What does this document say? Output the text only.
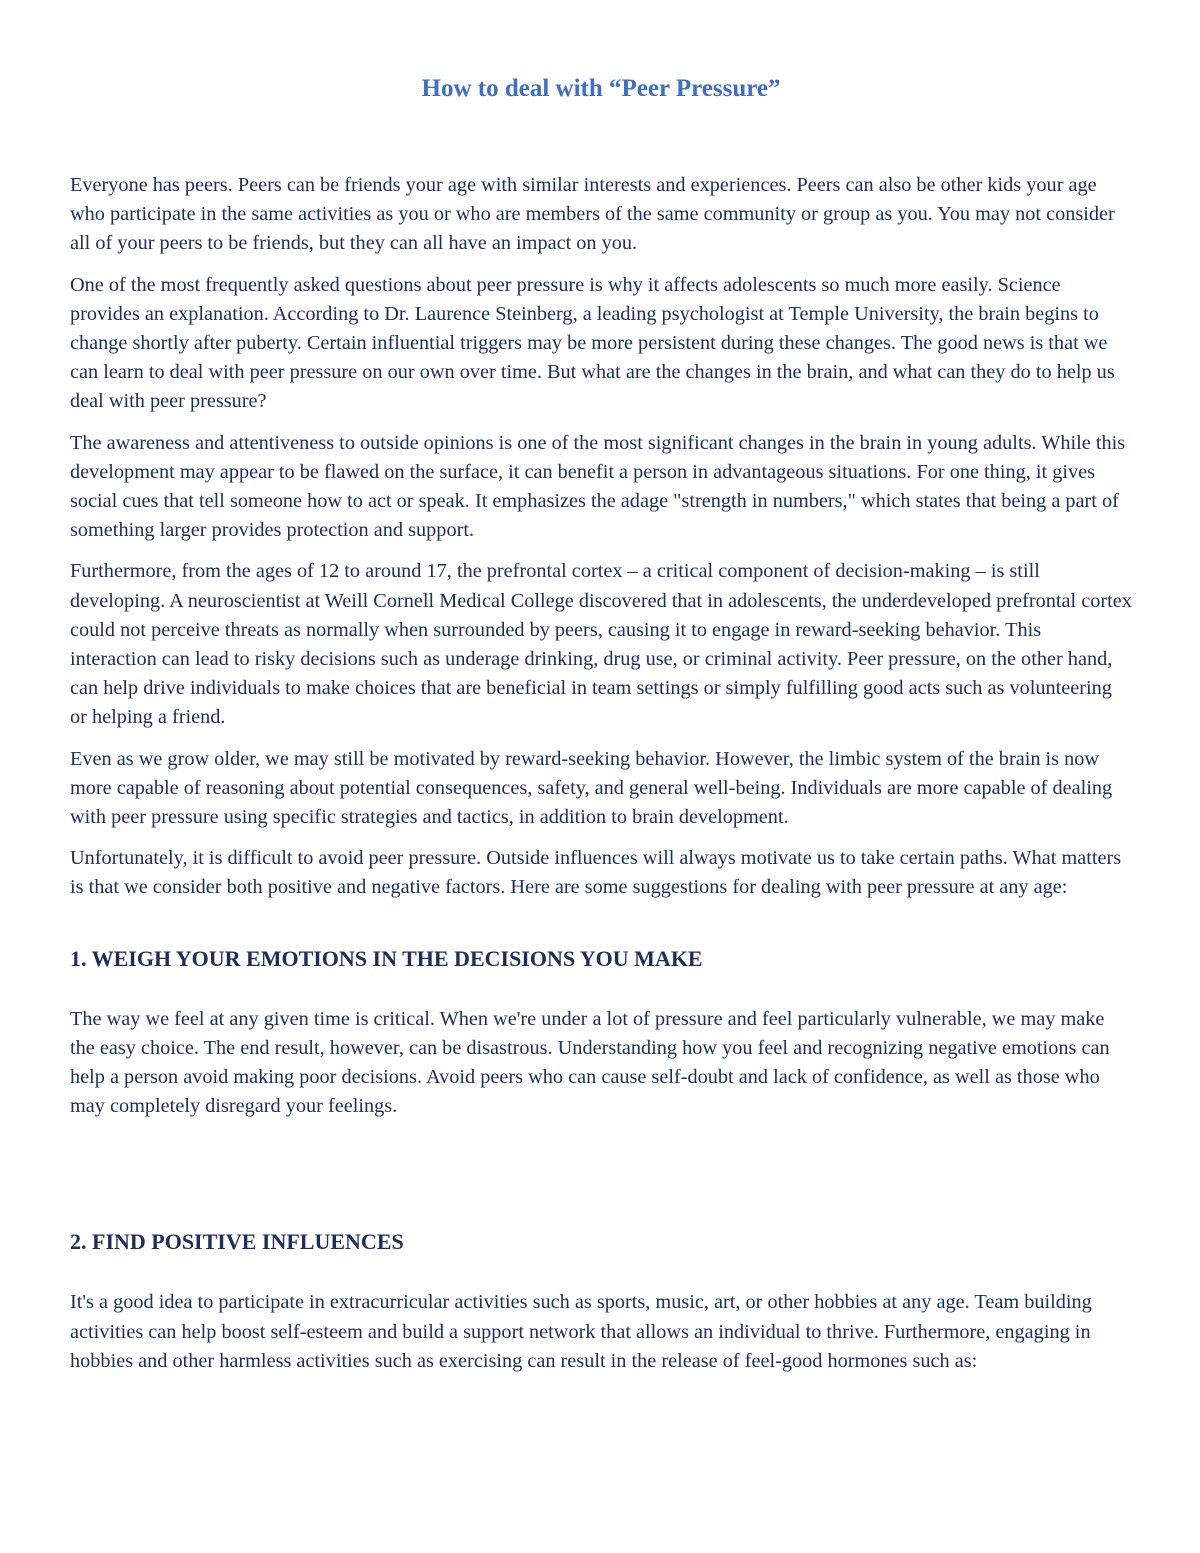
How to deal with “Peer Pressure”

Everyone has peers. Peers can be friends your age with similar interests and experiences. Peers can also be other kids your age who participate in the same activities as you or who are members of the same community or group as you. You may not consider all of your peers to be friends, but they can all have an impact on you.

One of the most frequently asked questions about peer pressure is why it affects adolescents so much more easily. Science provides an explanation. According to Dr. Laurence Steinberg, a leading psychologist at Temple University, the brain begins to change shortly after puberty. Certain influential triggers may be more persistent during these changes. The good news is that we can learn to deal with peer pressure on our own over time. But what are the changes in the brain, and what can they do to help us deal with peer pressure?

The awareness and attentiveness to outside opinions is one of the most significant changes in the brain in young adults. While this development may appear to be flawed on the surface, it can benefit a person in advantageous situations. For one thing, it gives social cues that tell someone how to act or speak. It emphasizes the adage "strength in numbers," which states that being a part of something larger provides protection and support.

Furthermore, from the ages of 12 to around 17, the prefrontal cortex – a critical component of decision-making – is still developing. A neuroscientist at Weill Cornell Medical College discovered that in adolescents, the underdeveloped prefrontal cortex could not perceive threats as normally when surrounded by peers, causing it to engage in reward-seeking behavior. This interaction can lead to risky decisions such as underage drinking, drug use, or criminal activity. Peer pressure, on the other hand, can help drive individuals to make choices that are beneficial in team settings or simply fulfilling good acts such as volunteering or helping a friend.

Even as we grow older, we may still be motivated by reward-seeking behavior. However, the limbic system of the brain is now more capable of reasoning about potential consequences, safety, and general well-being. Individuals are more capable of dealing with peer pressure using specific strategies and tactics, in addition to brain development.

Unfortunately, it is difficult to avoid peer pressure. Outside influences will always motivate us to take certain paths. What matters is that we consider both positive and negative factors. Here are some suggestions for dealing with peer pressure at any age:

1. WEIGH YOUR EMOTIONS IN THE DECISIONS YOU MAKE

The way we feel at any given time is critical. When we're under a lot of pressure and feel particularly vulnerable, we may make the easy choice. The end result, however, can be disastrous. Understanding how you feel and recognizing negative emotions can help a person avoid making poor decisions. Avoid peers who can cause self-doubt and lack of confidence, as well as those who may completely disregard your feelings.

2. FIND POSITIVE INFLUENCES

It's a good idea to participate in extracurricular activities such as sports, music, art, or other hobbies at any age. Team building activities can help boost self-esteem and build a support network that allows an individual to thrive. Furthermore, engaging in hobbies and other harmless activities such as exercising can result in the release of feel-good hormones such as:
